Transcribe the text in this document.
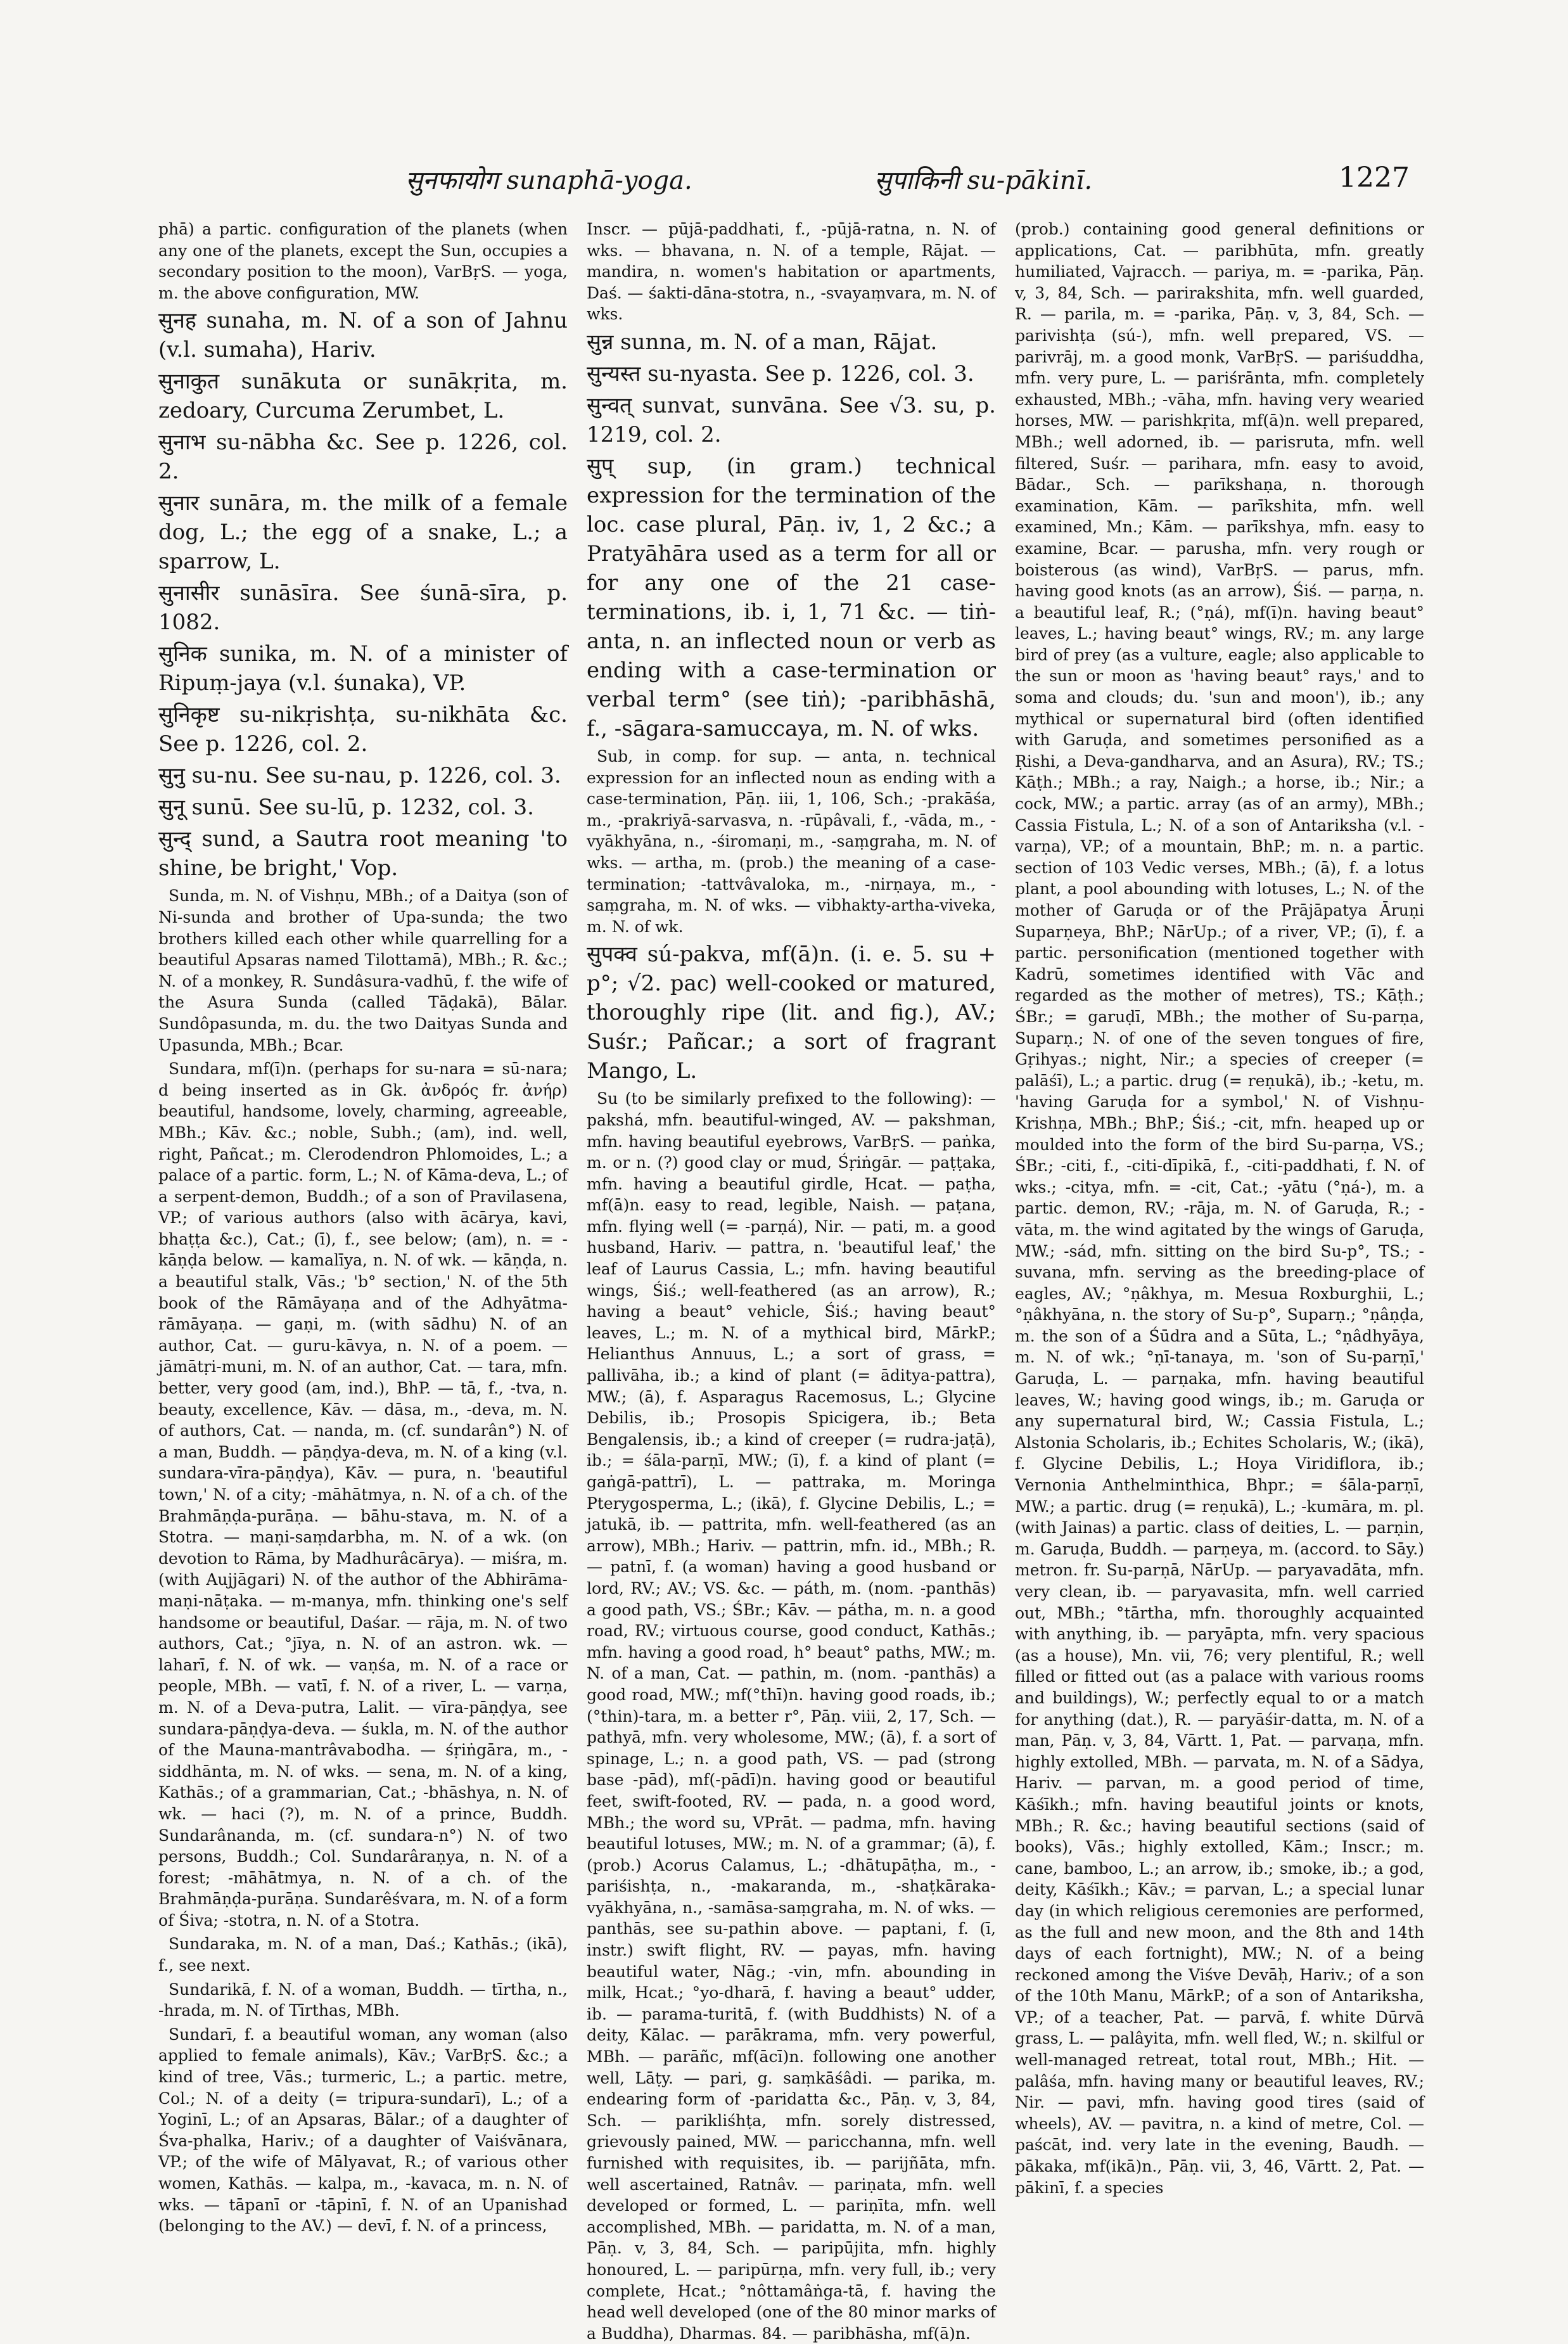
सुनफायोग sunaphā-yoga.	सुपाकिनी su-pākinī.	1227

phā) a partic. configuration of the planets (when any one of the planets, except the Sun, occupies a secondary position to the moon), VarBṛS. — yoga, m. the above configuration, MW.

सुनह sunaha, m. N. of a son of Jahnu (v.l. sumaha), Hariv.

सुनाकुत sunākuta or sunākṛita, m. zedoary, Curcuma Zerumbet, L.

सुनाभ su-nābha &c. See p. 1226, col. 2.

सुनार sunāra, m. the milk of a female dog, L.; the egg of a snake, L.; a sparrow, L.

सुनासीर sunāsīra. See śunā-sīra, p. 1082.

सुनिक sunika, m. N. of a minister of Ripuṃ-jaya (v.l. śunaka), VP.

सुनिकृष्ट su-nikṛishṭa, su-nikhāta &c. See p. 1226, col. 2.

सुनु su-nu. See su-nau, p. 1226, col. 3.

सुनू sunū. See su-lū, p. 1232, col. 3.

सुन्द् sund, a Sautra root meaning 'to shine, be bright,' Vop.

Sunda, m. N. of Vishṇu, MBh.; of a Daitya (son of Ni-sunda and brother of Upa-sunda; the two brothers killed each other while quarrelling for a beautiful Apsaras named Tilottamā), MBh.; R. &c.; N. of a monkey, R. Sundâsura-vadhū, f. the wife of the Asura Sunda (called Tāḍakā), Bālar. Sundôpasunda, m. du. the two Daityas Sunda and Upasunda, MBh.; Bcar.

Sundara, mf(ī)n. (perhaps for su-nara = sū-nara; d being inserted as in Gk. ἀνδρός fr. ἀνήρ) beautiful, handsome, lovely, charming, agreeable, MBh.; Kāv. &c.; noble, Subh.; (am), ind. well, right, Pañcat.; m. Clerodendron Phlomoides, L.; a palace of a partic. form, L.; N. of Kāma-deva, L.; of a serpent-demon, Buddh.; of a son of Pravilasena, VP.; of various authors (also with ācārya, kavi, bhaṭṭa &c.), Cat.; (ī), f., see below; (am), n. = -kāṇḍa below. — kamalīya, n. N. of wk. — kāṇḍa, n. a beautiful stalk, Vās.; 'b° section,' N. of the 5th book of the Rāmāyaṇa and of the Adhyātma-rāmāyaṇa. — gaṇi, m. (with sādhu) N. of an author, Cat. — guru-kāvya, n. N. of a poem. — jāmātṛi-muni, m. N. of an author, Cat. — tara, mfn. better, very good (am, ind.), BhP. — tā, f., -tva, n. beauty, excellence, Kāv. — dāsa, m., -deva, m. N. of authors, Cat. — nanda, m. (cf. sundarân°) N. of a man, Buddh. — pāṇḍya-deva, m. N. of a king (v.l. sundara-vīra-pāṇḍya), Kāv. — pura, n. 'beautiful town,' N. of a city; -māhātmya, n. N. of a ch. of the Brahmāṇḍa-purāṇa. — bāhu-stava, m. N. of a Stotra. — maṇi-saṃdarbha, m. N. of a wk. (on devotion to Rāma, by Madhurâcārya). — miśra, m. (with Aujjāgari) N. of the author of the Abhirāma-maṇi-nāṭaka. — m-manya, mfn. thinking one's self handsome or beautiful, Daśar. — rāja, m. N. of two authors, Cat.; °jīya, n. N. of an astron. wk. — laharī, f. N. of wk. — vaṇśa, m. N. of a race or people, MBh. — vatī, f. N. of a river, L. — varṇa, m. N. of a Deva-putra, Lalit. — vīra-pāṇḍya, see sundara-pāṇḍya-deva. — śukla, m. N. of the author of the Mauna-mantrâvabodha. — śṛiṅgāra, m., -siddhānta, m. N. of wks. — sena, m. N. of a king, Kathās.; of a grammarian, Cat.; -bhāshya, n. N. of wk. — haci (?), m. N. of a prince, Buddh. Sundarânanda, m. (cf. sundara-n°) N. of two persons, Buddh.; Col. Sundarâraṇya, n. N. of a forest; -māhātmya, n. N. of a ch. of the Brahmāṇḍa-purāṇa. Sundarêśvara, m. N. of a form of Śiva; -stotra, n. N. of a Stotra.

Sundaraka, m. N. of a man, Daś.; Kathās.; (ikā), f., see next.

Sundarikā, f. N. of a woman, Buddh. — tīrtha, n., -hrada, m. N. of Tīrthas, MBh.

Sundarī, f. a beautiful woman, any woman (also applied to female animals), Kāv.; VarBṛS. &c.; a kind of tree, Vās.; turmeric, L.; a partic. metre, Col.; N. of a deity (= tripura-sundarī), L.; of a Yoginī, L.; of an Apsaras, Bālar.; of a daughter of Śva-phalka, Hariv.; of a daughter of Vaiśvānara, VP.; of the wife of Mālyavat, R.; of various other women, Kathās. — kalpa, m., -kavaca, m. n. N. of wks. — tāpanī or -tāpinī, f. N. of an Upanishad (belonging to the AV.) — devī, f. N. of a princess,

Inscr. — pūjā-paddhati, f., -pūjā-ratna, n. N. of wks. — bhavana, n. N. of a temple, Rājat. — mandira, n. women's habitation or apartments, Daś. — śakti-dāna-stotra, n., -svayaṃvara, m. N. of wks.

सुन्न sunna, m. N. of a man, Rājat.

सुन्यस्त su-nyasta. See p. 1226, col. 3.

सुन्वत् sunvat, sunvāna. See √3. su, p. 1219, col. 2.

सुप् sup, (in gram.) technical expression for the termination of the loc. case plural, Pāṇ. iv, 1, 2 &c.; a Pratyāhāra used as a term for all or for any one of the 21 case-terminations, ib. i, 1, 71 &c. — tiṅ-anta, n. an inflected noun or verb as ending with a case-termination or verbal term° (see tiṅ); -paribhāshā, f., -sāgara-samuccaya, m. N. of wks.

Sub, in comp. for sup. — anta, n. technical expression for an inflected noun as ending with a case-termination, Pāṇ. iii, 1, 106, Sch.; -prakāśa, m., -prakriyā-sarvasva, n. -rūpâvali, f., -vāda, m., -vyākhyāna, n., -śiromaṇi, m., -saṃgraha, m. N. of wks. — artha, m. (prob.) the meaning of a case-termination; -tattvâvaloka, m., -nirṇaya, m., -saṃgraha, m. N. of wks. — vibhakty-artha-viveka, m. N. of wk.

सुपक्व sú-pakva, mf(ā)n. (i. e. 5. su + p°; √2. pac) well-cooked or matured, thoroughly ripe (lit. and fig.), AV.; Suśr.; Pañcar.; a sort of fragrant Mango, L.

Su (to be similarly prefixed to the following): — pakshá, mfn. beautiful-winged, AV. — pakshman, mfn. having beautiful eyebrows, VarBṛS. — paṅka, m. or n. (?) good clay or mud, Śṛiṅgār. — paṭṭaka, mfn. having a beautiful girdle, Hcat. — paṭha, mf(ā)n. easy to read, legible, Naish. — paṭana, mfn. flying well (= -parṇá), Nir. — pati, m. a good husband, Hariv. — pattra, n. 'beautiful leaf,' the leaf of Laurus Cassia, L.; mfn. having beautiful wings, Śiś.; well-feathered (as an arrow), R.; having a beaut° vehicle, Śiś.; having beaut° leaves, L.; m. N. of a mythical bird, MārkP.; Helianthus Annuus, L.; a sort of grass, = pallivāha, ib.; a kind of plant (= āditya-pattra), MW.; (ā), f. Asparagus Racemosus, L.; Glycine Debilis, ib.; Prosopis Spicigera, ib.; Beta Bengalensis, ib.; a kind of creeper (= rudra-jaṭā), ib.; = śāla-parṇī, MW.; (ī), f. a kind of plant (= gaṅgā-pattrī), L. — pattraka, m. Moringa Pterygosperma, L.; (ikā), f. Glycine Debilis, L.; = jatukā, ib. — pattrita, mfn. well-feathered (as an arrow), MBh.; Hariv. — pattrin, mfn. id., MBh.; R. — patnī, f. (a woman) having a good husband or lord, RV.; AV.; VS. &c. — páth, m. (nom. -panthās) a good path, VS.; ŚBr.; Kāv. — pátha, m. n. a good road, RV.; virtuous course, good conduct, Kathās.; mfn. having a good road, h° beaut° paths, MW.; m. N. of a man, Cat. — pathin, m. (nom. -panthās) a good road, MW.; mf(°thī)n. having good roads, ib.; (°thin)-tara, m. a better r°, Pāṇ. viii, 2, 17, Sch. — pathyā, mfn. very wholesome, MW.; (ā), f. a sort of spinage, L.; n. a good path, VS. — pad (strong base -pād), mf(-pādī)n. having good or beautiful feet, swift-footed, RV. — pada, n. a good word, MBh.; the word su, VPrāt. — padma, mfn. having beautiful lotuses, MW.; m. N. of a grammar; (ā), f. (prob.) Acorus Calamus, L.; -dhātupāṭha, m., -pariśishṭa, n., -makaranda, m., -shaṭkāraka-vyākhyāna, n., -samāsa-saṃgraha, m. N. of wks. — panthās, see su-pathin above. — paptani, f. (ī, instr.) swift flight, RV. — payas, mfn. having beautiful water, Nāg.; -vin, mfn. abounding in milk, Hcat.; °yo-dharā, f. having a beaut° udder, ib. — parama-turitā, f. (with Buddhists) N. of a deity, Kālac. — parākrama, mfn. very powerful, MBh. — parāñc, mf(ācī)n. following one another well, Lāṭy. — pari, g. saṃkāśâdi. — parika, m. endearing form of -paridatta &c., Pāṇ. v, 3, 84, Sch. — parikliśhṭa, mfn. sorely distressed, grievously pained, MW. — paricchanna, mfn. well furnished with requisites, ib. — parijñāta, mfn. well ascertained, Ratnâv. — pariṇata, mfn. well developed or formed, L. — pariṇīta, mfn. well accomplished, MBh. — paridatta, m. N. of a man, Pāṇ. v, 3, 84, Sch. — paripūjita, mfn. highly honoured, L. — paripūrṇa, mfn. very full, ib.; very complete, Hcat.; °nôttamâṅga-tā, f. having the head well developed (one of the 80 minor marks of a Buddha), Dharmas. 84. — paribhāsha, mf(ā)n.

(prob.) containing good general definitions or applications, Cat. — paribhūta, mfn. greatly humiliated, Vajracch. — pariya, m. = -parika, Pāṇ. v, 3, 84, Sch. — parirakshita, mfn. well guarded, R. — parila, m. = -parika, Pāṇ. v, 3, 84, Sch. — parivishṭa (sú-), mfn. well prepared, VS. — parivrāj, m. a good monk, VarBṛS. — pariśuddha, mfn. very pure, L. — pariśrānta, mfn. completely exhausted, MBh.; -vāha, mfn. having very wearied horses, MW. — parishkṛita, mf(ā)n. well prepared, MBh.; well adorned, ib. — parisruta, mfn. well filtered, Suśr. — parihara, mfn. easy to avoid, Bādar., Sch. — parīkshaṇa, n. thorough examination, Kām. — parīkshita, mfn. well examined, Mn.; Kām. — parīkshya, mfn. easy to examine, Bcar. — parusha, mfn. very rough or boisterous (as wind), VarBṛS. — parus, mfn. having good knots (as an arrow), Śiś. — parṇa, n. a beautiful leaf, R.; (°ṇá), mf(ī)n. having beaut° leaves, L.; having beaut° wings, RV.; m. any large bird of prey (as a vulture, eagle; also applicable to the sun or moon as 'having beaut° rays,' and to soma and clouds; du. 'sun and moon'), ib.; any mythical or supernatural bird (often identified with Garuḍa, and sometimes personified as a Ṛishi, a Deva-gandharva, and an Asura), RV.; TS.; Kāṭh.; MBh.; a ray, Naigh.; a horse, ib.; Nir.; a cock, MW.; a partic. array (as of an army), MBh.; Cassia Fistula, L.; N. of a son of Antariksha (v.l. -varṇa), VP.; of a mountain, BhP.; m. n. a partic. section of 103 Vedic verses, MBh.; (ā), f. a lotus plant, a pool abounding with lotuses, L.; N. of the mother of Garuḍa or of the Prājāpatya Āruṇi Suparṇeya, BhP.; NārUp.; of a river, VP.; (ī), f. a partic. personification (mentioned together with Kadrū, sometimes identified with Vāc and regarded as the mother of metres), TS.; Kāṭh.; ŚBr.; = garuḍī, MBh.; the mother of Su-parṇa, Suparṇ.; N. of one of the seven tongues of fire, Gṛihyas.; night, Nir.; a species of creeper (= palāśī), L.; a partic. drug (= reṇukā), ib.; -ketu, m. 'having Garuḍa for a symbol,' N. of Vishṇu-Krishṇa, MBh.; BhP.; Śiś.; -cit, mfn. heaped up or moulded into the form of the bird Su-parṇa, VS.; ŚBr.; -citi, f., -citi-dīpikā, f., -citi-paddhati, f. N. of wks.; -citya, mfn. = -cit, Cat.; -yātu (°ṇá-), m. a partic. demon, RV.; -rāja, m. N. of Garuḍa, R.; -vāta, m. the wind agitated by the wings of Garuḍa, MW.; -sád, mfn. sitting on the bird Su-p°, TS.; -suvana, mfn. serving as the breeding-place of eagles, AV.; °ṇâkhya, m. Mesua Roxburghii, L.; °ṇâkhyāna, n. the story of Su-p°, Suparṇ.; °ṇâṇḍa, m. the son of a Śūdra and a Sūta, L.; °ṇâdhyāya, m. N. of wk.; °ṇī-tanaya, m. 'son of Su-parṇī,' Garuḍa, L. — parṇaka, mfn. having beautiful leaves, W.; having good wings, ib.; m. Garuḍa or any supernatural bird, W.; Cassia Fistula, L.; Alstonia Scholaris, ib.; Echites Scholaris, W.; (ikā), f. Glycine Debilis, L.; Hoya Viridiflora, ib.; Vernonia Anthelminthica, Bhpr.; = śāla-parṇī, MW.; a partic. drug (= reṇukā), L.; -kumāra, m. pl. (with Jainas) a partic. class of deities, L. — parṇin, m. Garuḍa, Buddh. — parṇeya, m. (accord. to Sāy.) metron. fr. Su-parṇā, NārUp. — paryavadāta, mfn. very clean, ib. — paryavasita, mfn. well carried out, MBh.; °tārtha, mfn. thoroughly acquainted with anything, ib. — paryāpta, mfn. very spacious (as a house), Mn. vii, 76; very plentiful, R.; well filled or fitted out (as a palace with various rooms and buildings), W.; perfectly equal to or a match for anything (dat.), R. — paryāśir-datta, m. N. of a man, Pāṇ. v, 3, 84, Vārtt. 1, Pat. — parvaṇa, mfn. highly extolled, MBh. — parvata, m. N. of a Sādya, Hariv. — parvan, m. a good period of time, Kāśīkh.; mfn. having beautiful joints or knots, MBh.; R. &c.; having beautiful sections (said of books), Vās.; highly extolled, Kām.; Inscr.; m. cane, bamboo, L.; an arrow, ib.; smoke, ib.; a god, deity, Kāśīkh.; Kāv.; = parvan, L.; a special lunar day (in which religious ceremonies are performed, as the full and new moon, and the 8th and 14th days of each fortnight), MW.; N. of a being reckoned among the Viśve Devāḥ, Hariv.; of a son of the 10th Manu, MārkP.; of a son of Antariksha, VP.; of a teacher, Pat. — parvā, f. white Dūrvā grass, L. — palâyita, mfn. well fled, W.; n. skilful or well-managed retreat, total rout, MBh.; Hit. — palâśa, mfn. having many or beautiful leaves, RV.; Nir. — pavi, mfn. having good tires (said of wheels), AV. — pavitra, n. a kind of metre, Col. — paścāt, ind. very late in the evening, Baudh. — pākaka, mf(ikā)n., Pāṇ. vii, 3, 46, Vārtt. 2, Pat. — pākinī, f. a species
